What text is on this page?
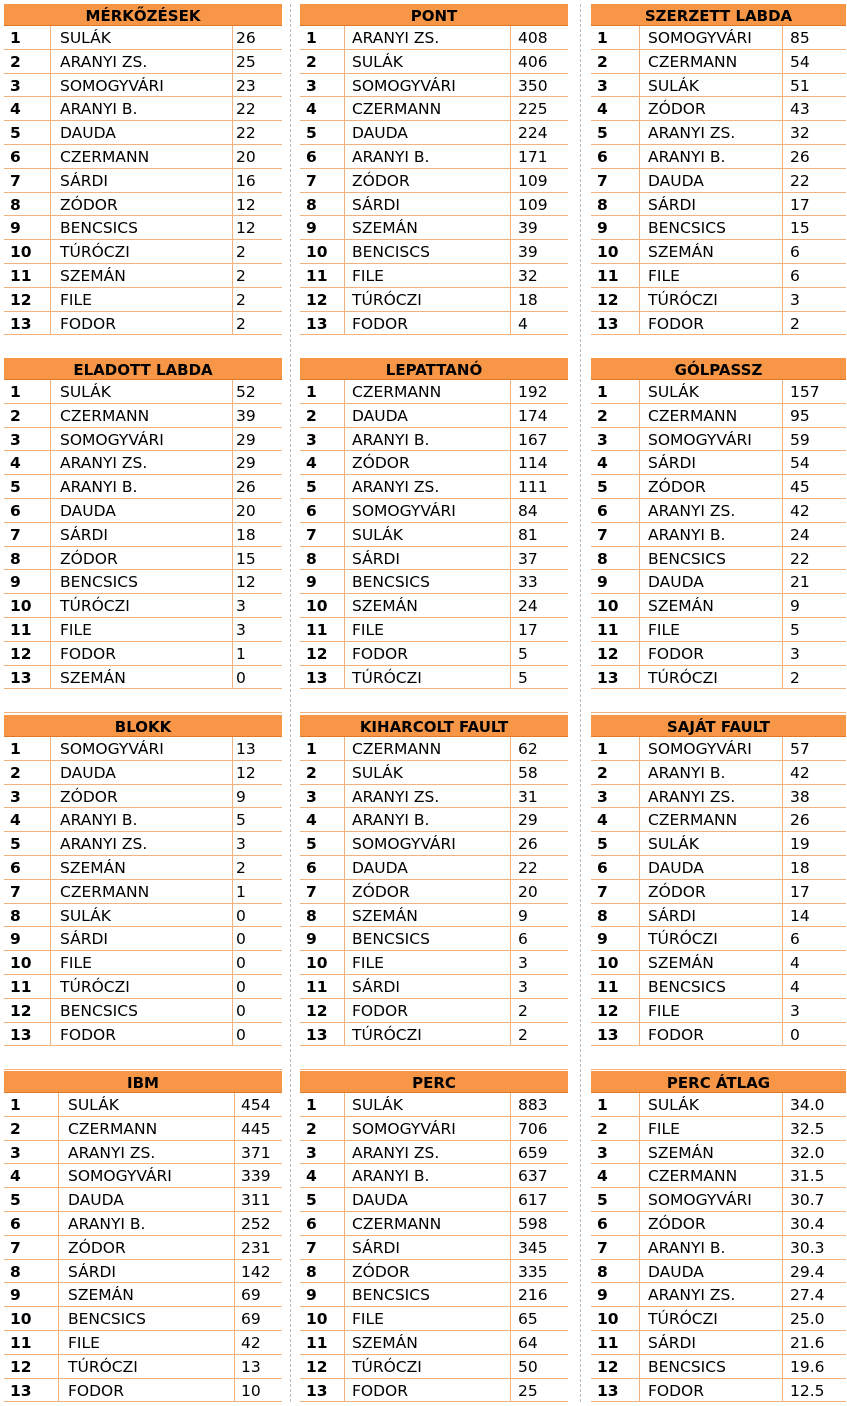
MÉRKŐZÉSEK
1	SULÁK	26
2	ARANYI ZS.	25
3	SOMOGYVÁRI	23
4	ARANYI B.	22
5	DAUDA	22
6	CZERMANN	20
7	SÁRDI	16
8	ZÓDOR	12
9	BENCSICS	12
10 TÚRÓCZI	2
11 SZEMÁN	2
12 FILE	2
13 FODOR	2
PONT
1 ARANYI ZS.	408
2 SULÁK	406
3 SOMOGYVÁRI	350
4 CZERMANN	225
5 DAUDA	224
6 ARANYI B.	171
7 ZÓDOR	109
8 SÁRDI	109
9 SZEMÁN	39
10 BENCISCS	39
11 FILE	32
12 TÚRÓCZI	18
13 FODOR	4
SZERZETT LABDA
1	SOMOGYVÁRI 85
2	CZERMANN	54
3	SULÁK	51
4	ZÓDOR	43
5	ARANYI ZS.	32
6	ARANYI B.	26
7	DAUDA	22
8	SÁRDI	17
9	BENCSICS	15
10 SZEMÁN	6
11 FILE	6
12 TÚRÓCZI	3
13 FODOR	2
ELADOTT LABDA
1	SULÁK	52
2	CZERMANN	39
3	SOMOGYVÁRI	29
4	ARANYI ZS.	29
5	ARANYI B.	26
6	DAUDA	20
7	SÁRDI	18
8	ZÓDOR	15
9	BENCSICS	12
10 TÚRÓCZI	3
11 FILE	3
12 FODOR	1
13 SZEMÁN	0
LEPATTANÓ
1 CZERMANN	192
2 DAUDA	174
3 ARANYI B.	167
4 ZÓDOR	114
5 ARANYI ZS.	111
6 SOMOGYVÁRI	84
7 SULÁK	81
8 SÁRDI	37
9 BENCSICS	33
10 SZEMÁN	24
11 FILE	17
12 FODOR	5
13 TÚRÓCZI	5
GÓLPASSZ
1	SULÁK	157
2	CZERMANN	95
3	SOMOGYVÁRI 59
4	SÁRDI	54
5	ZÓDOR	45
6	ARANYI ZS.	42
7	ARANYI B.	24
8	BENCSICS	22
9	DAUDA	21
10 SZEMÁN	9
11 FILE	5
12 FODOR	3
13 TÚRÓCZI	2
BLOKK
1	SOMOGYVÁRI	13
2	DAUDA	12
3	ZÓDOR	9
4	ARANYI B.	5
5	ARANYI ZS.	3
6	SZEMÁN	2
7	CZERMANN	1
8	SULÁK	0
9	SÁRDI	0
10 FILE	0
11 TÚRÓCZI	0
12 BENCSICS	0
13 FODOR	0
KIHARCOLT FAULT
1 CZERMANN	62
2 SULÁK	58
3 ARANYI ZS.	31
4 ARANYI B.	29
5 SOMOGYVÁRI	26
6 DAUDA	22
7 ZÓDOR	20
8 SZEMÁN	9
9 BENCSICS	6
10 FILE	3
11 SÁRDI	3
12 FODOR	2
13 TÚRÓCZI	2
SAJÁT FAULT
1	SOMOGYVÁRI 57
2	ARANYI B.	42
3	ARANYI ZS.	38
4	CZERMANN	26
5	SULÁK	19
6	DAUDA	18
7	ZÓDOR	17
8	SÁRDI	14
9	TÚRÓCZI	6
10 SZEMÁN	4
11 BENCSICS	4
12 FILE	3
13 FODOR	0
IBM
1	SULÁK	454
2	CZERMANN	445
3	ARANYI ZS.	371
4	SOMOGYVÁRI	339
5	DAUDA	311
6	ARANYI B.	252
7	ZÓDOR	231
8	SÁRDI	142
9	SZEMÁN	69
10 BENCSICS	69
11 FILE	42
12 TÚRÓCZI	13
13 FODOR	10
PERC
1 SULÁK	883
2 SOMOGYVÁRI	706
3 ARANYI ZS.	659
4 ARANYI B.	637
5 DAUDA	617
6 CZERMANN	598
7 SÁRDI	345
8 ZÓDOR	335
9 BENCSICS	216
10 FILE	65
11 SZEMÁN	64
12 TÚRÓCZI	50
13 FODOR	25
PERC ÁTLAG
1	SULÁK	34.0
2	FILE	32.5
3	SZEMÁN	32.0
4	CZERMANN	31.5
5	SOMOGYVÁRI 30.7
6	ZÓDOR	30.4
7	ARANYI B.	30.3
8	DAUDA	29.4
9	ARANYI ZS.	27.4
10 TÚRÓCZI	25.0
11 SÁRDI	21.6
12 BENCSICS	19.6
13 FODOR	12.5
